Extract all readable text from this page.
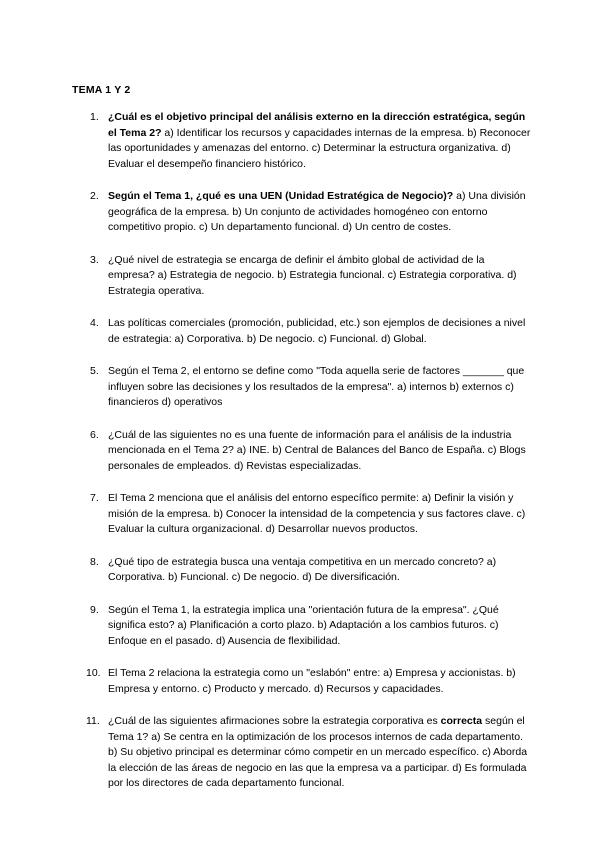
TEMA 1 Y 2
1. ¿Cuál es el objetivo principal del análisis externo en la dirección estratégica, según el Tema 2? a) Identificar los recursos y capacidades internas de la empresa. b) Reconocer las oportunidades y amenazas del entorno. c) Determinar la estructura organizativa. d) Evaluar el desempeño financiero histórico.
2. Según el Tema 1, ¿qué es una UEN (Unidad Estratégica de Negocio)? a) Una división geográfica de la empresa. b) Un conjunto de actividades homogéneo con entorno competitivo propio. c) Un departamento funcional. d) Un centro de costes.
3. ¿Qué nivel de estrategia se encarga de definir el ámbito global de actividad de la empresa? a) Estrategia de negocio. b) Estrategia funcional. c) Estrategia corporativa. d) Estrategia operativa.
4. Las políticas comerciales (promoción, publicidad, etc.) son ejemplos de decisiones a nivel de estrategia: a) Corporativa. b) De negocio. c) Funcional. d) Global.
5. Según el Tema 2, el entorno se define como "Toda aquella serie de factores _______ que influyen sobre las decisiones y los resultados de la empresa". a) internos b) externos c) financieros d) operativos
6. ¿Cuál de las siguientes no es una fuente de información para el análisis de la industria mencionada en el Tema 2? a) INE. b) Central de Balances del Banco de España. c) Blogs personales de empleados. d) Revistas especializadas.
7. El Tema 2 menciona que el análisis del entorno específico permite: a) Definir la visión y misión de la empresa. b) Conocer la intensidad de la competencia y sus factores clave. c) Evaluar la cultura organizacional. d) Desarrollar nuevos productos.
8. ¿Qué tipo de estrategia busca una ventaja competitiva en un mercado concreto? a) Corporativa. b) Funcional. c) De negocio. d) De diversificación.
9. Según el Tema 1, la estrategia implica una "orientación futura de la empresa". ¿Qué significa esto? a) Planificación a corto plazo. b) Adaptación a los cambios futuros. c) Enfoque en el pasado. d) Ausencia de flexibilidad.
10. El Tema 2 relaciona la estrategia como un "eslabón" entre: a) Empresa y accionistas. b) Empresa y entorno. c) Producto y mercado. d) Recursos y capacidades.
11. ¿Cuál de las siguientes afirmaciones sobre la estrategia corporativa es correcta según el Tema 1? a) Se centra en la optimización de los procesos internos de cada departamento. b) Su objetivo principal es determinar cómo competir en un mercado específico. c) Aborda la elección de las áreas de negocio en las que la empresa va a participar. d) Es formulada por los directores de cada departamento funcional.
